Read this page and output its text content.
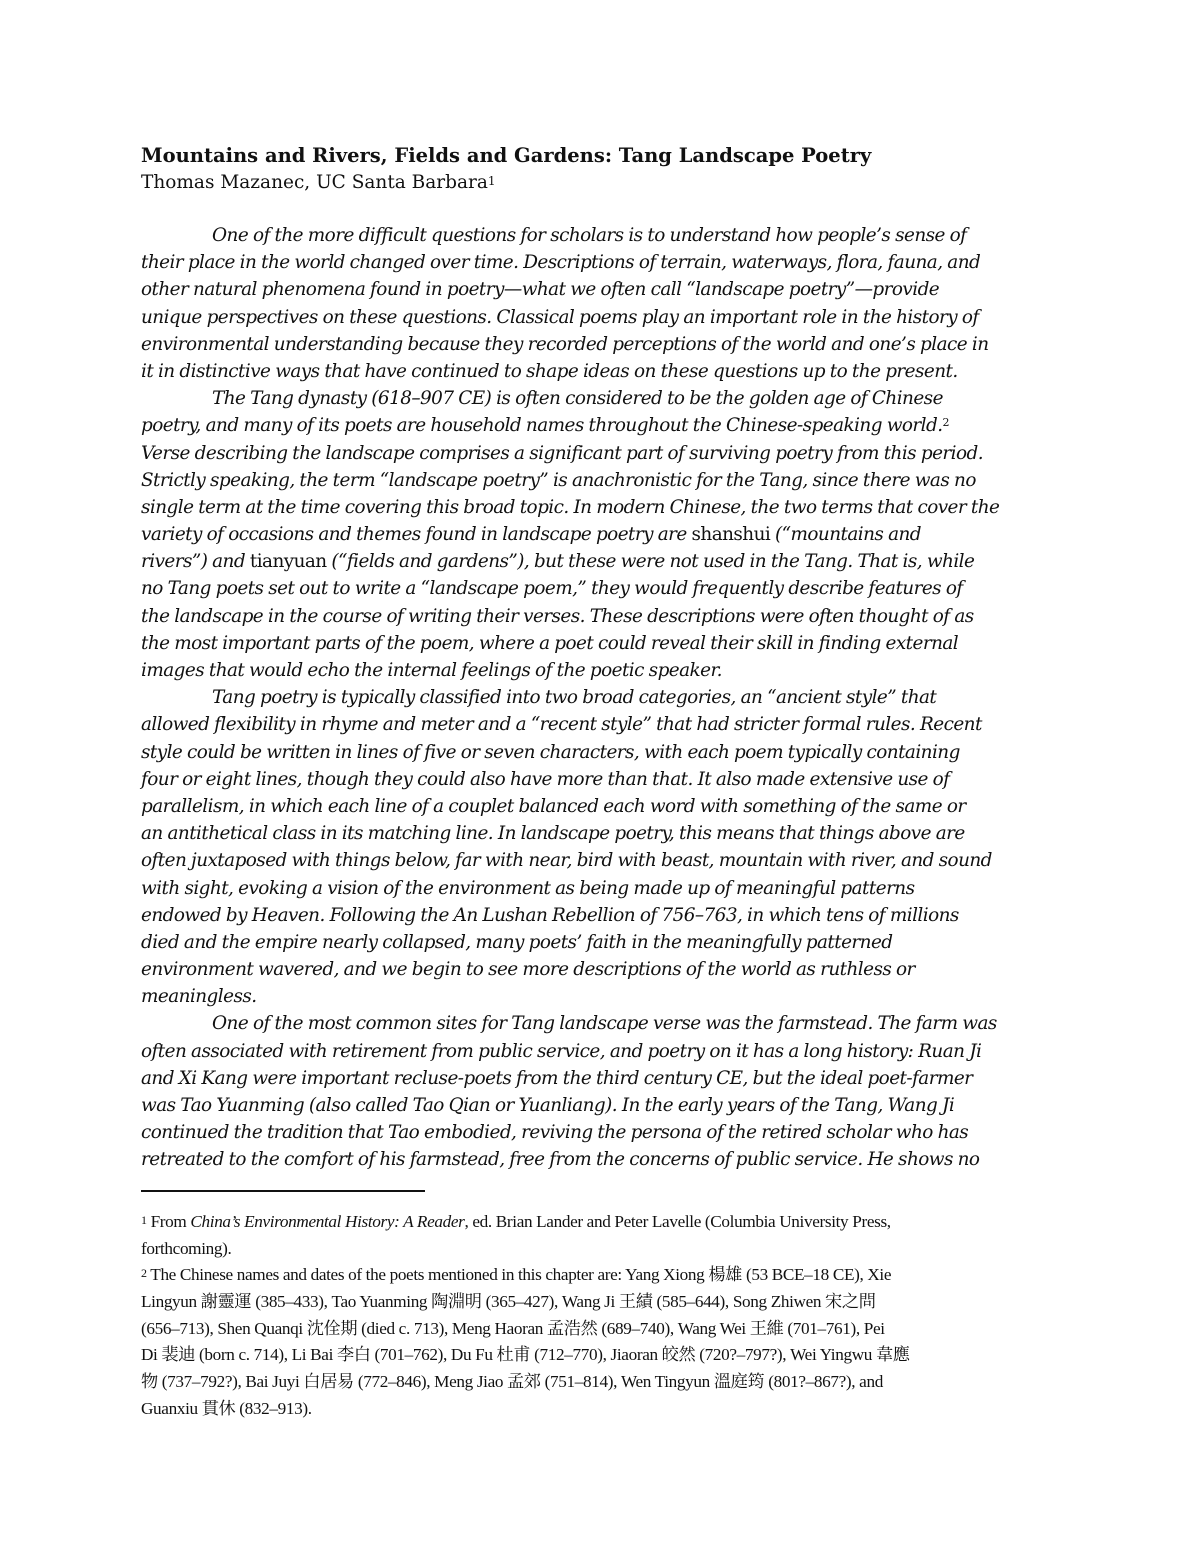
Mountains and Rivers, Fields and Gardens: Tang Landscape Poetry

Thomas Mazanec, UC Santa Barbara$^1$

One of the more difficult questions for scholars is to understand how people’s sense of
their place in the world changed over time. Descriptions of terrain, waterways, flora, fauna, and
other natural phenomena found in poetry—what we often call “landscape poetry”—provide
unique perspectives on these questions. Classical poems play an important role in the history of
environmental understanding because they recorded perceptions of the world and one’s place in
it in distinctive ways that have continued to shape ideas on these questions up to the present.
The Tang dynasty (618–907 CE) is often considered to be the golden age of Chinese
poetry, and many of its poets are household names throughout the Chinese-speaking world.$^2$
Verse describing the landscape comprises a significant part of surviving poetry from this period.
Strictly speaking, the term “landscape poetry” is anachronistic for the Tang, since there was no
single term at the time covering this broad topic. In modern Chinese, the two terms that cover the
variety of occasions and themes found in landscape poetry are shanshui (“mountains and
rivers”) and tianyuan (“fields and gardens”), but these were not used in the Tang. That is, while
no Tang poets set out to write a “landscape poem,” they would frequently describe features of
the landscape in the course of writing their verses. These descriptions were often thought of as
the most important parts of the poem, where a poet could reveal their skill in finding external
images that would echo the internal feelings of the poetic speaker.
Tang poetry is typically classified into two broad categories, an “ancient style” that
allowed flexibility in rhyme and meter and a “recent style” that had stricter formal rules. Recent
style could be written in lines of five or seven characters, with each poem typically containing
four or eight lines, though they could also have more than that. It also made extensive use of
parallelism, in which each line of a couplet balanced each word with something of the same or
an antithetical class in its matching line. In landscape poetry, this means that things above are
often juxtaposed with things below, far with near, bird with beast, mountain with river, and sound
with sight, evoking a vision of the environment as being made up of meaningful patterns
endowed by Heaven. Following the An Lushan Rebellion of 756–763, in which tens of millions
died and the empire nearly collapsed, many poets’ faith in the meaningfully patterned
environment wavered, and we begin to see more descriptions of the world as ruthless or
meaningless.
One of the most common sites for Tang landscape verse was the farmstead. The farm was
often associated with retirement from public service, and poetry on it has a long history: Ruan Ji
and Xi Kang were important recluse-poets from the third century CE, but the ideal poet-farmer
was Tao Yuanming (also called Tao Qian or Yuanliang). In the early years of the Tang, Wang Ji
continued the tradition that Tao embodied, reviving the persona of the retired scholar who has
retreated to the comfort of his farmstead, free from the concerns of public service. He shows no
$^1$ From China’s Environmental History: A Reader, ed. Brian Lander and Peter Lavelle (Columbia University Press,
forthcoming).
$^2$ The Chinese names and dates of the poets mentioned in this chapter are: Yang Xiong 楊雄 (53 BCE–18 CE), Xie
Lingyun 謝靈運 (385–433), Tao Yuanming 陶淵明 (365–427), Wang Ji 王績 (585–644), Song Zhiwen 宋之問
(656–713), Shen Quanqi 沈佺期 (died c. 713), Meng Haoran 孟浩然 (689–740), Wang Wei 王維 (701–761), Pei
Di 裴迪 (born c. 714), Li Bai 李白 (701–762), Du Fu 杜甫 (712–770), Jiaoran 皎然 (720?–797?), Wei Yingwu 韋應
物 (737–792?), Bai Juyi 白居易 (772–846), Meng Jiao 孟郊 (751–814), Wen Tingyun 溫庭筠 (801?–867?), and
Guanxiu 貫休 (832–913).
